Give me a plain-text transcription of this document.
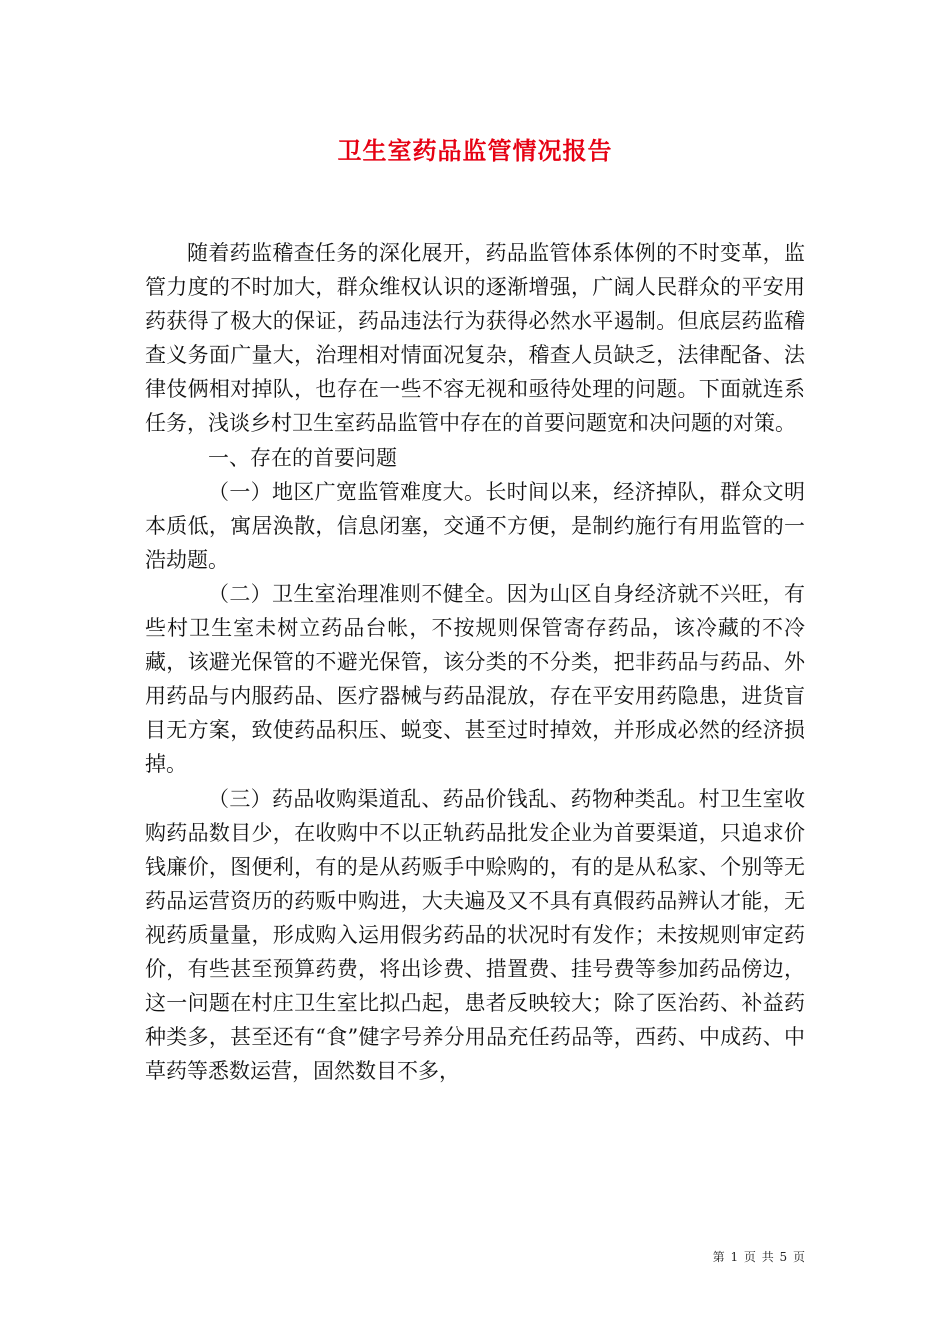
卫生室药品监管情况报告

随着药监稽查任务的深化展开，药品监管体系体例的不时变革，监管力度的不时加大，群众维权认识的逐渐增强，广阔人民群众的平安用药获得了极大的保证，药品违法行为获得必然水平遏制。但底层药监稽查义务面广量大，治理相对情面况复杂，稽查人员缺乏，法律配备、法律伎俩相对掉队，也存在一些不容无视和亟待处理的问题。下面就连系任务，浅谈乡村卫生室药品监管中存在的首要问题宽和决问题的对策。

一、存在的首要问题

（一）地区广宽监管难度大。长时间以来，经济掉队，群众文明本质低，寓居涣散，信息闭塞，交通不方便，是制约施行有用监管的一浩劫题。

（二）卫生室治理准则不健全。因为山区自身经济就不兴旺，有些村卫生室未树立药品台帐，不按规则保管寄存药品，该冷藏的不冷藏，该避光保管的不避光保管，该分类的不分类，把非药品与药品、外用药品与内服药品、医疗器械与药品混放，存在平安用药隐患，进货盲目无方案，致使药品积压、蜕变、甚至过时掉效，并形成必然的经济损掉。

（三）药品收购渠道乱、药品价钱乱、药物种类乱。村卫生室收购药品数目少，在收购中不以正轨药品批发企业为首要渠道，只追求价钱廉价，图便利，有的是从药贩手中赊购的，有的是从私家、个别等无药品运营资历的药贩中购进，大夫遍及又不具有真假药品辨认才能，无视药质量量，形成购入运用假劣药品的状况时有发作；未按规则审定药价，有些甚至预算药费，将出诊费、措置费、挂号费等参加药品傍边，这一问题在村庄卫生室比拟凸起，患者反映较大；除了医治药、补益药种类多，甚至还有“食”健字号养分用品充任药品等，西药、中成药、中草药等悉数运营，固然数目不多，

第 1 页 共 5 页
